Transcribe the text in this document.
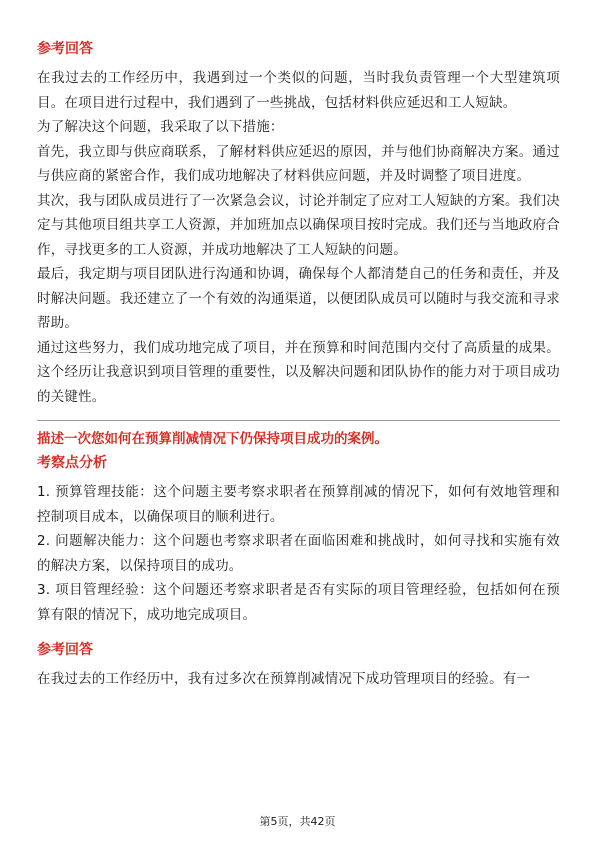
参考回答

在我过去的工作经历中，我遇到过一个类似的问题，当时我负责管理一个大型建筑项目。在项目进行过程中，我们遇到了一些挑战，包括材料供应延迟和工人短缺。

为了解决这个问题，我采取了以下措施：

首先，我立即与供应商联系，了解材料供应延迟的原因，并与他们协商解决方案。通过与供应商的紧密合作，我们成功地解决了材料供应问题，并及时调整了项目进度。

其次，我与团队成员进行了一次紧急会议，讨论并制定了应对工人短缺的方案。我们决定与其他项目组共享工人资源，并加班加点以确保项目按时完成。我们还与当地政府合作，寻找更多的工人资源，并成功地解决了工人短缺的问题。

最后，我定期与项目团队进行沟通和协调，确保每个人都清楚自己的任务和责任，并及时解决问题。我还建立了一个有效的沟通渠道，以便团队成员可以随时与我交流和寻求帮助。

通过这些努力，我们成功地完成了项目，并在预算和时间范围内交付了高质量的成果。这个经历让我意识到项目管理的重要性，以及解决问题和团队协作的能力对于项目成功的关键性。

描述一次您如何在预算削减情况下仍保持项目成功的案例。

考察点分析

1. 预算管理技能：这个问题主要考察求职者在预算削减的情况下，如何有效地管理和控制项目成本，以确保项目的顺利进行。

2. 问题解决能力：这个问题也考察求职者在面临困难和挑战时，如何寻找和实施有效的解决方案，以保持项目的成功。

3. 项目管理经验：这个问题还考察求职者是否有实际的项目管理经验，包括如何在预算有限的情况下，成功地完成项目。

参考回答

在我过去的工作经历中，我有过多次在预算削减情况下成功管理项目的经验。有一

第5页，共42页
